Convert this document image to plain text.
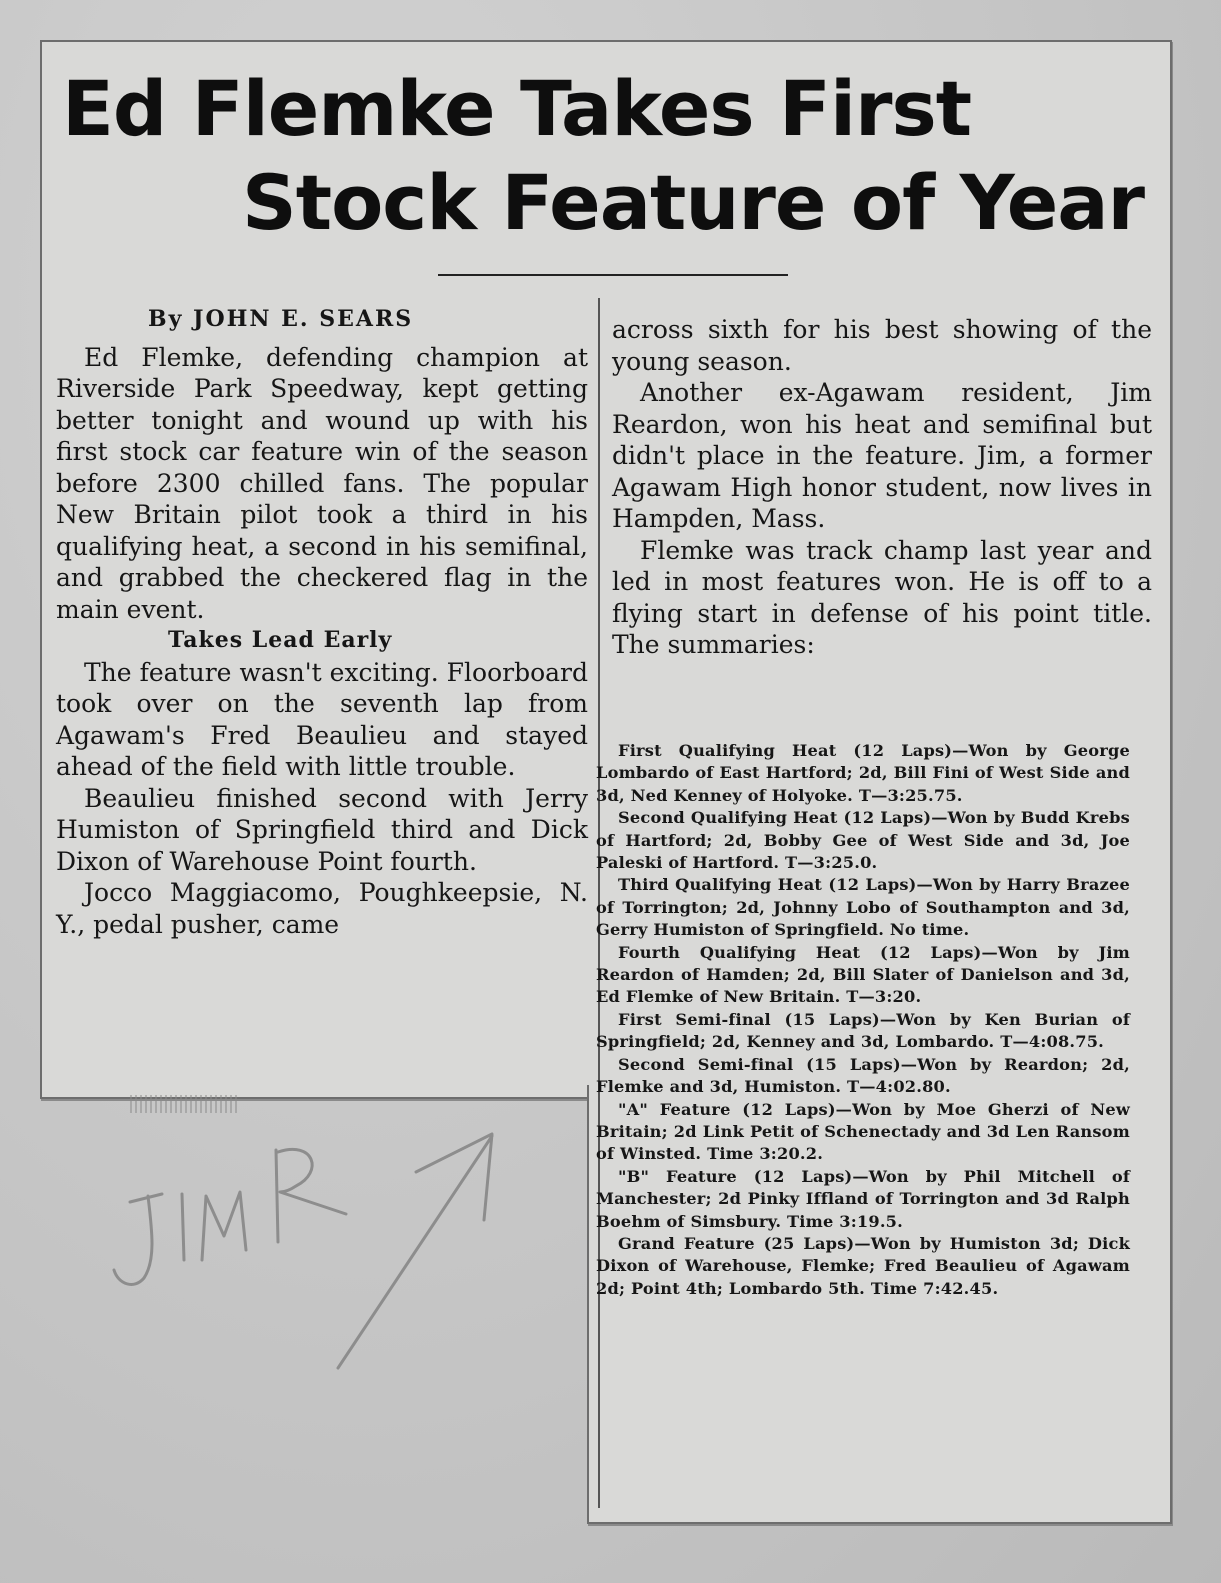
Ed Flemke Takes First
Stock Feature of Year

By JOHN E. SEARS

Ed Flemke, defending champion at Riverside Park Speedway, kept getting better tonight and wound up with his first stock car feature win of the season before 2300 chilled fans. The popular New Britain pilot took a third in his qualifying heat, a second in his semifinal, and grabbed the checkered flag in the main event.

Takes Lead Early

The feature wasn't exciting. Floorboard took over on the seventh lap from Agawam's Fred Beaulieu and stayed ahead of the field with little trouble.

Beaulieu finished second with Jerry Humiston of Springfield third and Dick Dixon of Warehouse Point fourth.

Jocco Maggiacomo, Poughkeepsie, N. Y., pedal pusher, came

across sixth for his best showing of the young season.

Another ex-Agawam resident, Jim Reardon, won his heat and semifinal but didn't place in the feature. Jim, a former Agawam High honor student, now lives in Hampden, Mass.

Flemke was track champ last year and led in most features won. He is off to a flying start in defense of his point title. The summaries:

First Qualifying Heat (12 Laps)—Won by George Lombardo of East Hartford; 2d, Bill Fini of West Side and 3d, Ned Kenney of Holyoke. T—3:25.75.

Second Qualifying Heat (12 Laps)—Won by Budd Krebs of Hartford; 2d, Bobby Gee of West Side and 3d, Joe Paleski of Hartford. T—3:25.0.

Third Qualifying Heat (12 Laps)—Won by Harry Brazee of Torrington; 2d, Johnny Lobo of Southampton and 3d, Gerry Humiston of Springfield. No time.

Fourth Qualifying Heat (12 Laps)—Won by Jim Reardon of Hamden; 2d, Bill Slater of Danielson and 3d, Ed Flemke of New Britain. T—3:20.

First Semi-final (15 Laps)—Won by Ken Burian of Springfield; 2d, Kenney and 3d, Lombardo. T—4:08.75.

Second Semi-final (15 Laps)—Won by Reardon; 2d, Flemke and 3d, Humiston. T—4:02.80.

"A" Feature (12 Laps)—Won by Moe Gherzi of New Britain; 2d Link Petit of Schenectady and 3d Len Ransom of Winsted. Time 3:20.2.

"B" Feature (12 Laps)—Won by Phil Mitchell of Manchester; 2d Pinky Iffland of Torrington and 3d Ralph Boehm of Simsbury. Time 3:19.5.

Grand Feature (25 Laps)—Won by Humiston 3d; Dick Dixon of Warehouse, Flemke; Fred Beaulieu of Agawam 2d; Point 4th; Lombardo 5th. Time 7:42.45.
